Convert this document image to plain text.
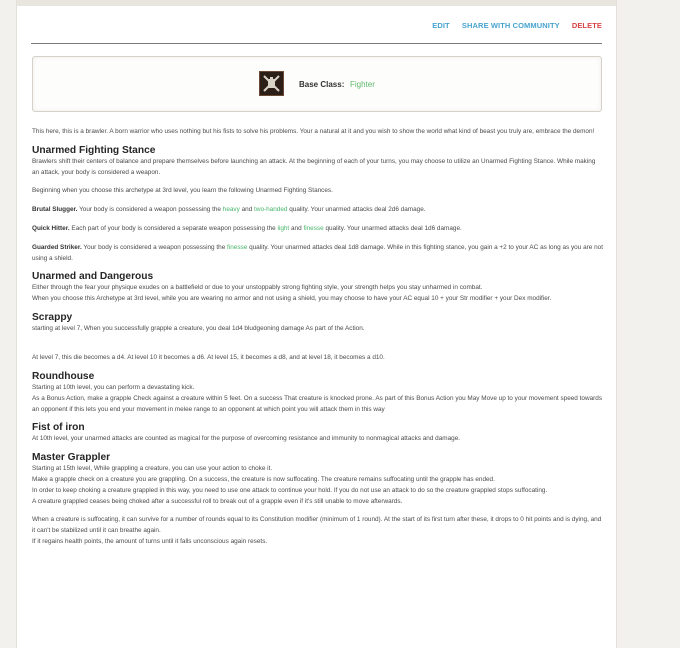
EDIT SHARE WITH COMMUNITY DELETE
Base Class: Fighter

This here, this is a brawler. A born warrior who uses nothing but his fists to solve his problems. Your a natural at it and you wish to show the world what kind of beast you truly are, embrace the demon!

Unarmed Fighting Stance

Brawlers shift their centers of balance and prepare themselves before launching an attack. At the beginning of each of your turns, you may choose to utilize an Unarmed Fighting Stance. While making an attack, your body is considered a weapon.

Beginning when you choose this archetype at 3rd level, you learn the following Unarmed Fighting Stances.

Brutal Slugger. Your body is considered a weapon possessing the heavy and two-handed quality. Your unarmed attacks deal 2d6 damage.

Quick Hitter. Each part of your body is considered a separate weapon possessing the light and finesse quality. Your unarmed attacks deal 1d6 damage.

Guarded Striker. Your body is considered a weapon possessing the finesse quality. Your unarmed attacks deal 1d8 damage. While in this fighting stance, you gain a +2 to your AC as long as you are not using a shield.

Unarmed and Dangerous

Either through the fear your physique exudes on a battlefield or due to your unstoppably strong fighting style, your strength helps you stay unharmed in combat.

When you choose this Archetype at 3rd level, while you are wearing no armor and not using a shield, you may choose to have your AC equal 10 + your Str modifier + your Dex modifier.

Scrappy

starting at level 7, When you successfully grapple a creature, you deal 1d4 bludgeoning damage As part of the Action.

At level 7, this die becomes a d4. At level 10 it becomes a d6. At level 15, it becomes a d8, and at level 18, it becomes a d10.

Roundhouse

Starting at 10th level, you can perform a devastating kick.

As a Bonus Action, make a grapple Check against a creature within 5 feet. On a success That creature is knocked prone. As part of this Bonus Action you May Move up to your movement speed towards an opponent if this lets you end your movement in melee range to an opponent at which point you will attack them in this way

Fist of iron

At 10th level, your unarmed attacks are counted as magical for the purpose of overcoming resistance and immunity to nonmagical attacks and damage.

Master Grappler

Starting at 15th level, While grappling a creature, you can use your action to choke it.

Make a grapple check on a creature you are grappling. On a success, the creature is now suffocating. The creature remains suffocating until the grapple has ended.

In order to keep choking a creature grappled in this way, you need to use one attack to continue your hold. If you do not use an attack to do so the creature grappled stops suffocating.

A creature grappled ceases being choked after a successful roll to break out of a grapple even if it's still unable to move afterwards.

When a creature is suffocating, it can survive for a number of rounds equal to its Constitution modifier (minimum of 1 round). At the start of its first turn after these, it drops to 0 hit points and is dying, and it can't be stabilized until it can breathe again.

If it regains health points, the amount of turns until it falls unconscious again resets.
